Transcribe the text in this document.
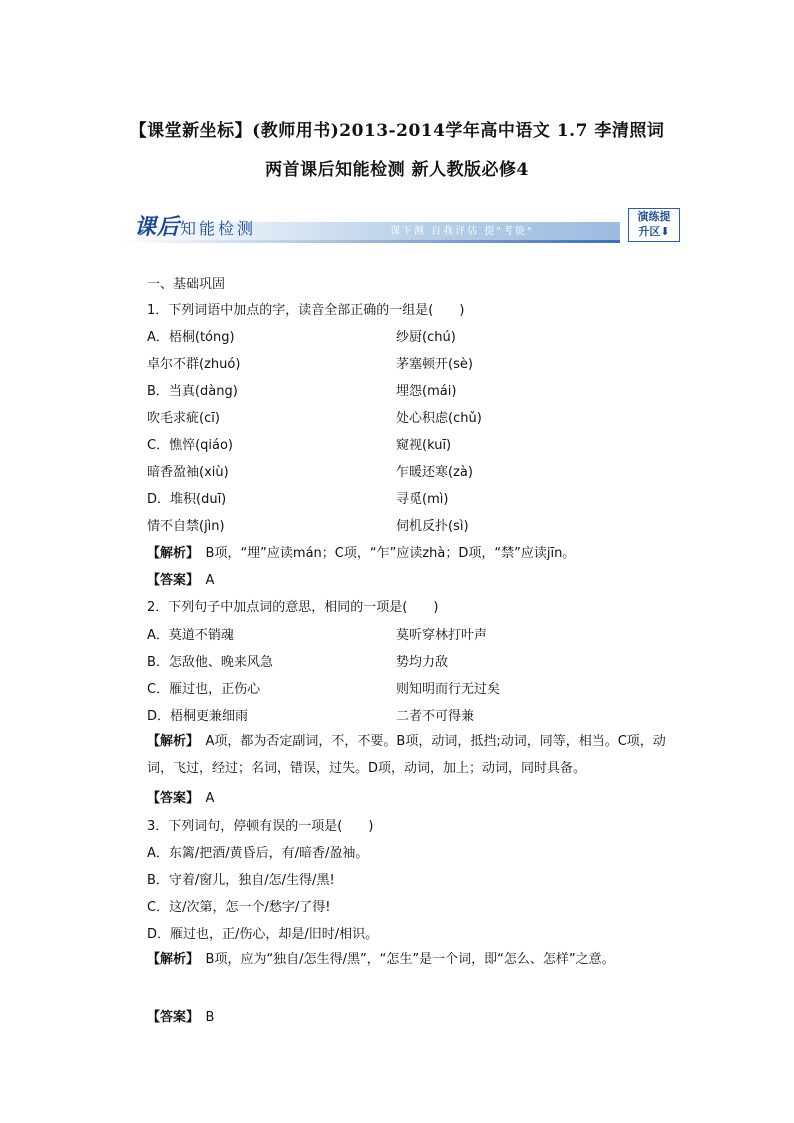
【课堂新坐标】(教师用书)2013-2014学年高中语文 1.7 李清照词
两首课后知能检测 新人教版必修4
课后知能检测	课下测 自我评估 提"考能"
演练提
升区⬇
一、基础巩固
1．下列词语中加点的字，读音全部正确的一组是(　　)
A．梧桐(tóng)	纱厨(chú)
卓尔不群(zhuó)	茅塞顿开(sè)
B．当真(dàng)	埋怨(mái)
吹毛求疵(cī)	处心积虑(chǔ)
C．憔悴(qiáo)	窥视(kuī)
暗香盈袖(xiù)	乍暖还寒(zà)
D．堆积(duī)	寻觅(mì)
情不自禁(jìn)	伺机反扑(sì)
【解析】　 B项，“埋”应读mán；C项，“乍”应读zhà；D项，“禁”应读jīn。
【答案】　 A
2．下列句子中加点词的意思，相同的一项是(　　)
A．莫道不销魂	莫听穿林打叶声
B．怎敌他、晚来风急	势均力敌
C．雁过也，正伤心	则知明而行无过矣
D．梧桐更兼细雨	二者不可得兼
【解析】　 A项，都为否定副词，不，不要。B项，动词，抵挡;动词，同等，相当。C项，动词，飞过，经过；名词，错误，过失。D项，动词，加上；动词，同时具备。
【答案】　 A
3．下列词句，停顿有误的一项是(　　)
A．东篱/把酒/黄昏后，有/暗香/盈袖。
B．守着/窗儿，独自/怎/生得/黑!
C．这/次第，怎一个/愁字/了得!
D．雁过也，正/伤心，却是/旧时/相识。
【解析】　 B项，应为“独自/怎生得/黑”，“怎生”是一个词，即“怎么、怎样”之意。
【答案】　 B
